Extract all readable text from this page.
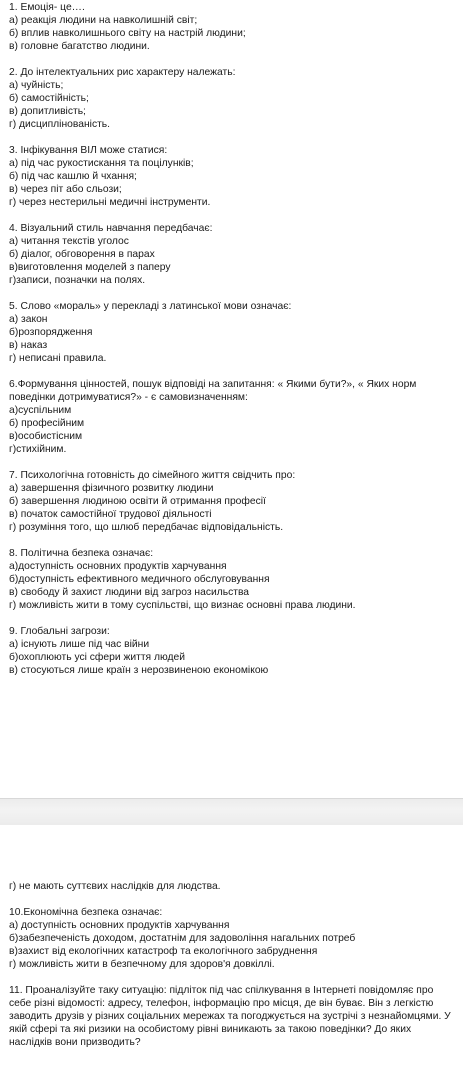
1. Емоція- це….

а) реакція людини на навколишній світ;

б) вплив навколишнього світу на настрій людини;

в) головне багатство людини.

2. До інтелектуальних рис характеру належать:

а) чуйність;

б) самостійність;

в) допитливість;

г) дисциплінованість.

3. Інфікування ВІЛ може статися:

а) під час рукостискання та поцілунків;

б) під час кашлю й чхання;

в) через піт або сльози;

г) через нестерильні медичні інструменти.

4. Візуальний стиль навчання передбачає:

а) читання текстів уголос

б) діалог, обговорення в парах

в)виготовлення моделей з паперу

г)записи, позначки на полях.

5. Слово «мораль» у перекладі з латинської мови означає:

а) закон

б)розпорядження

в) наказ

г) неписані правила.

6.Формування цінностей, пошук відповіді на запитання: « Якими бути?», « Яких норм поведінки дотримуватися?» - є самовизначенням:

а)суспільним

б) професійним

в)особистісним

г)стихійним.

7. Психологічна готовність до сімейного життя свідчить про:

а) завершення фізичного розвитку людини

б) завершення людиною освіти й отримання професії

в) початок самостійної трудової діяльності

г) розуміння того, що шлюб передбачає відповідальність.

8. Політична безпека означає:

а)доступність основних продуктів харчування

б)доступність ефективного медичного обслуговування

в) свободу й захист людини від загроз насильства

г) можливість жити в тому суспільстві, що визнає основні права людини.

9. Глобальні загрози:

а) існують лише під час війни

б)охоплюють усі сфери життя людей

в) стосуються лише країн з нерозвиненою економікою

г) не мають суттєвих наслідків для людства.

10.Економічна безпека означає:

а) доступність основних продуктів харчування

б)забезпеченість доходом, достатнім для задовоління нагальних потреб

в)захист від екологічних катастроф та екологічного забруднення

г) можливість жити в безпечному для здоров'я довкіллі.

11. Проаналізуйте таку ситуацію: підліток під час спілкування в Інтернеті повідомляє про себе різні відомості: адресу, телефон, інформацію про місця, де він буває. Він з легкістю заводить друзів у різних соціальних мережах та погоджується на зустрічі з незнайомцями. У якій сфері та які ризики на особистому рівні виникають за такою поведінки? До яких наслідків вони призводить?
